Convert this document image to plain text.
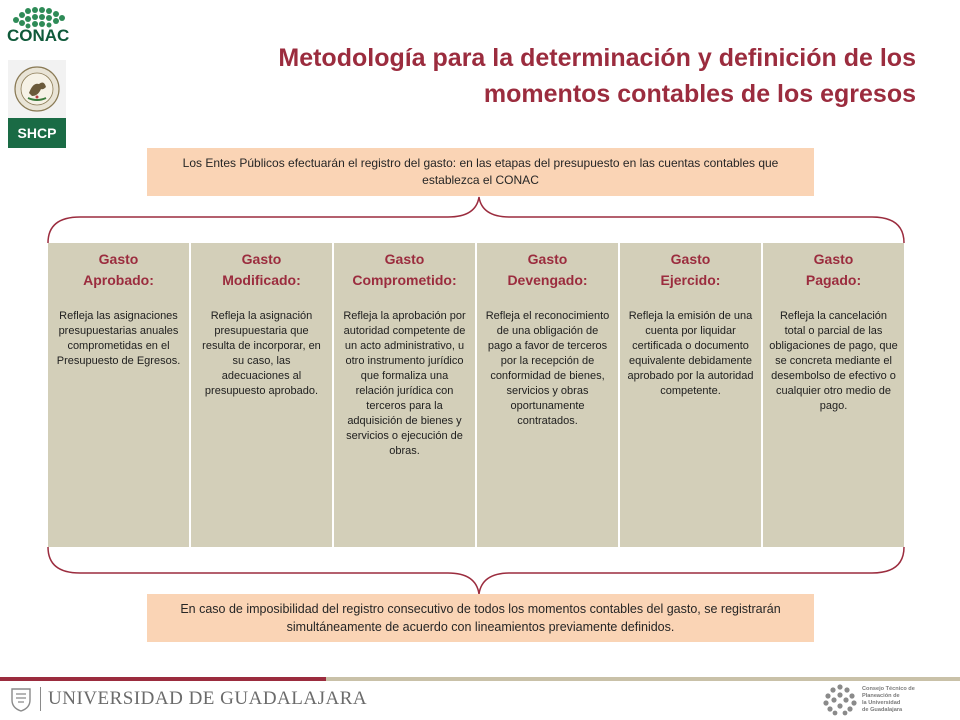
CONAC
SHCP
Metodología para la determinación y definición de los momentos contables de los egresos
Los Entes Públicos efectuarán el registro del gasto: en las etapas del presupuesto en las cuentas contables que establezca el CONAC
Gasto
Aprobado:
Refleja las asignaciones presupuestarias anuales comprometidas en el Presupuesto de Egresos.
Gasto
Modificado:
Refleja la asignación presupuestaria que resulta de incorporar, en su caso, las adecuaciones al presupuesto aprobado.
Gasto
Comprometido:
Refleja la aprobación por autoridad competente de un acto administrativo, u otro instrumento jurídico que formaliza una relación jurídica con terceros para la adquisición de bienes y servicios o ejecución de obras.
Gasto
Devengado:
Refleja el reconocimiento de una obligación de pago a favor de terceros por la recepción de conformidad de bienes, servicios y obras oportunamente contratados.
Gasto
Ejercido:
Refleja la emisión de una cuenta por liquidar certificada o documento equivalente debidamente aprobado por la autoridad competente.
Gasto
Pagado:
Refleja la cancelación total o parcial de las obligaciones de pago, que se concreta mediante el desembolso de efectivo o cualquier otro medio de pago.
En caso de imposibilidad del registro consecutivo de todos los momentos contables del gasto, se registrarán simultáneamente de acuerdo con lineamientos previamente definidos.
UNIVERSIDAD DE GUADALAJARA	Consejo Técnico de
Planeación de
la Universidad
de Guadalajara
